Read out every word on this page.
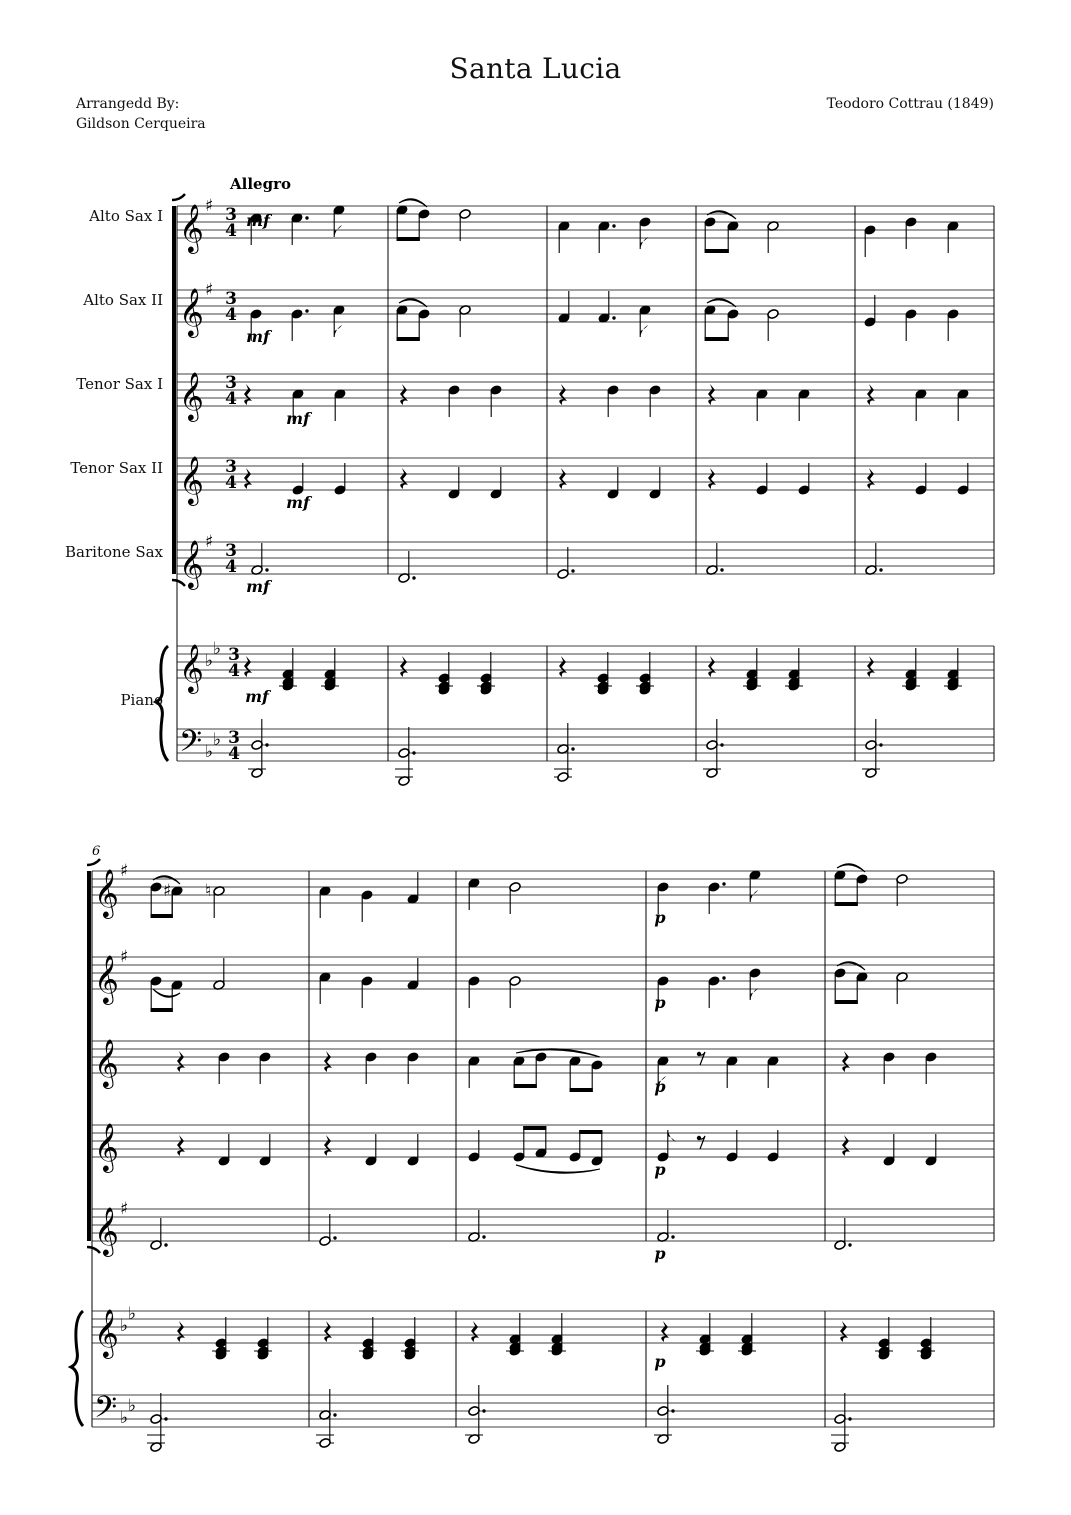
Santa Lucia
Arrangedd By:
Gildson Cerqueira
Teodoro Cottrau (1849)
𝄞 ♯ 3
4
𝄞 ♯ 3
4
𝄞 3
4
𝄞 3
4
𝄞 ♯ 3
4
𝄞 ♭
♭ 3
4
𝄢 ♭
♭ 3
4
Alto Sax I
Alto Sax II
Tenor Sax I
Tenor Sax II
Baritone Sax
Piano
Allegro
mf
mf
mf
mf
mf
mf
𝄞 ♯
𝄞 ♯
𝄞
𝄞
𝄞 ♯
𝄞 ♭
♭
𝄢 ♭
♭
6
♯ ♮
p
p
p
p
p
p
